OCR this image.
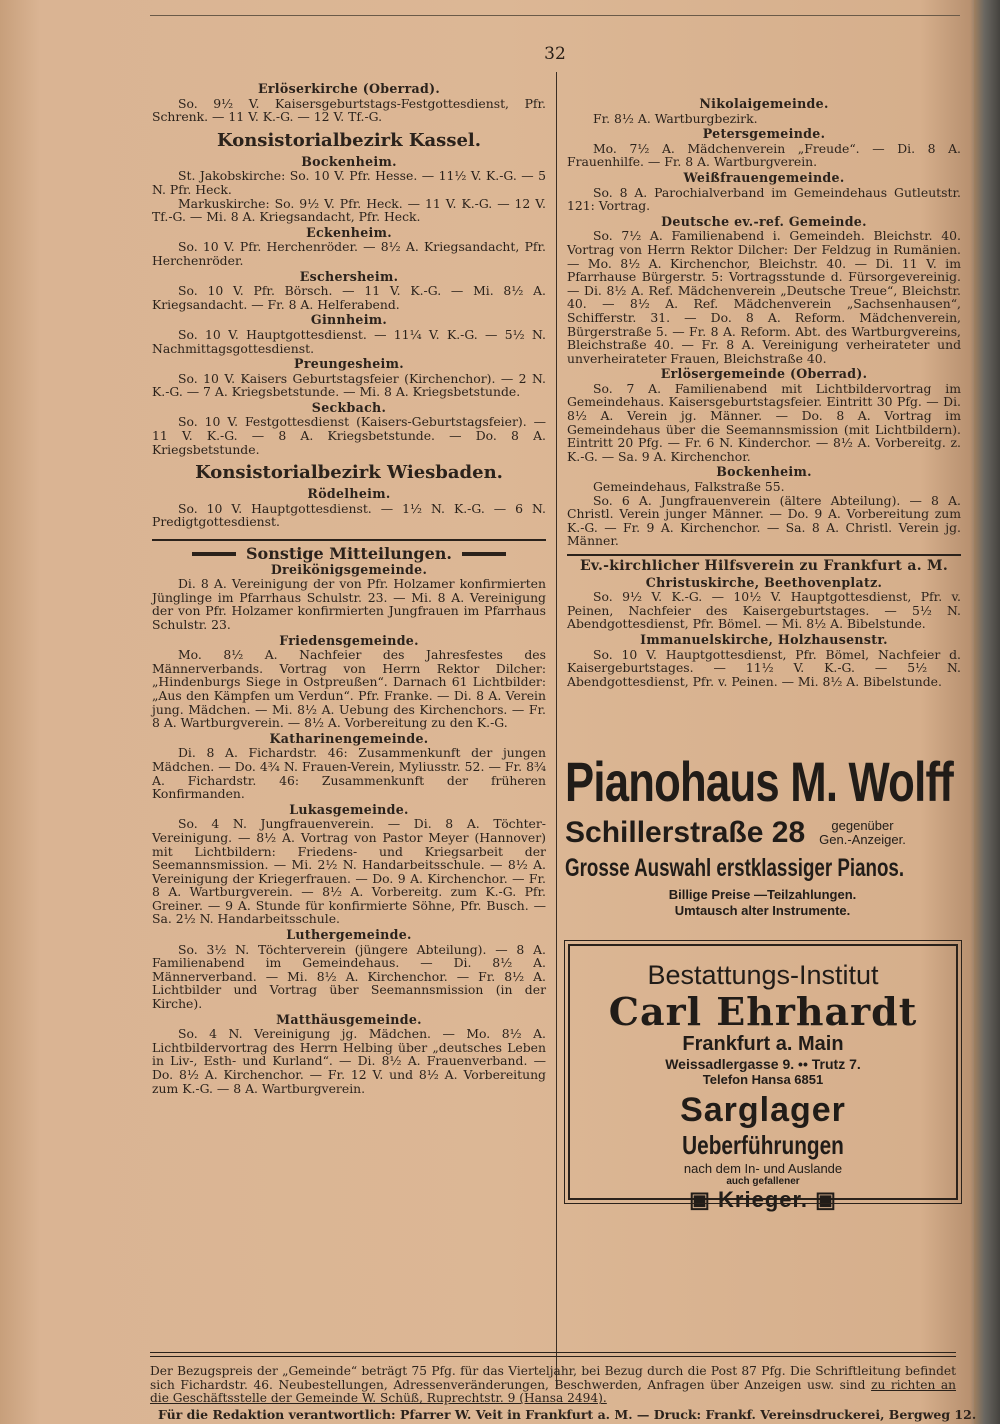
32
Erlöserkirche (Oberrad).
So. 9½ V. Kaisersgeburtstags-Festgottesdienst, Pfr. Schrenk. — 11 V. K.-G. — 12 V. Tf.-G.
Konsistorialbezirk Kassel.
Bockenheim.
St. Jakobskirche: So. 10 V. Pfr. Hesse. — 11½ V. K.-G. — 5 N. Pfr. Heck.
Markuskirche: So. 9½ V. Pfr. Heck. — 11 V. K.-G. — 12 V. Tf.-G. — Mi. 8 A. Kriegsandacht, Pfr. Heck.
Eckenheim.
So. 10 V. Pfr. Herchenröder. — 8½ A. Kriegsandacht, Pfr. Herchenröder.
Eschersheim.
So. 10 V. Pfr. Börsch. — 11 V. K.-G. — Mi. 8½ A. Kriegsandacht. — Fr. 8 A. Helferabend.
Ginnheim.
So. 10 V. Hauptgottesdienst. — 11¼ V. K.-G. — 5½ N. Nachmittagsgottesdienst.
Preungesheim.
So. 10 V. Kaisers Geburtstagsfeier (Kirchenchor). — 2 N. K.-G. — 7 A. Kriegsbetstunde. — Mi. 8 A. Kriegsbetstunde.
Seckbach.
So. 10 V. Festgottesdienst (Kaisers-Geburtstagsfeier). — 11 V. K.-G. — 8 A. Kriegsbetstunde. — Do. 8 A. Kriegsbetstunde.
Konsistorialbezirk Wiesbaden.
Rödelheim.
So. 10 V. Hauptgottesdienst. — 1½ N. K.-G. — 6 N. Predigtgottesdienst.
Sonstige Mitteilungen.
Dreikönigsgemeinde.
Di. 8 A. Vereinigung der von Pfr. Holzamer konfirmierten Jünglinge im Pfarrhaus Schulstr. 23. — Mi. 8 A. Vereinigung der von Pfr. Holzamer konfirmierten Jungfrauen im Pfarrhaus Schulstr. 23.
Friedensgemeinde.
Mo. 8½ A. Nachfeier des Jahresfestes des Männerverbands. Vortrag von Herrn Rektor Dilcher: „Hindenburgs Siege in Ostpreußen“. Darnach 61 Lichtbilder: „Aus den Kämpfen um Verdun“. Pfr. Franke. — Di. 8 A. Verein jung. Mädchen. — Mi. 8½ A. Uebung des Kirchenchors. — Fr. 8 A. Wartburgverein. — 8½ A. Vorbereitung zu den K.-G.
Katharinengemeinde.
Di. 8 A. Fichardstr. 46: Zusammenkunft der jungen Mädchen. — Do. 4¾ N. Frauen-Verein, Myliusstr. 52. — Fr. 8¾ A. Fichardstr. 46: Zusammenkunft der früheren Konfirmanden.
Lukasgemeinde.
So. 4 N. Jungfrauenverein. — Di. 8 A. Töchter-Vereinigung. — 8½ A. Vortrag von Pastor Meyer (Hannover) mit Lichtbildern: Friedens- und Kriegsarbeit der Seemannsmission. — Mi. 2½ N. Handarbeitsschule. — 8½ A. Vereinigung der Kriegerfrauen. — Do. 9 A. Kirchenchor. — Fr. 8 A. Wartburgverein. — 8½ A. Vorbereitg. zum K.-G. Pfr. Greiner. — 9 A. Stunde für konfirmierte Söhne, Pfr. Busch. — Sa. 2½ N. Handarbeitsschule.
Luthergemeinde.
So. 3½ N. Töchterverein (jüngere Abteilung). — 8 A. Familienabend im Gemeindehaus. — Di. 8½ A. Männerverband. — Mi. 8½ A. Kirchenchor. — Fr. 8½ A. Lichtbilder und Vortrag über Seemannsmission (in der Kirche).
Matthäusgemeinde.
So. 4 N. Vereinigung jg. Mädchen. — Mo. 8½ A. Lichtbildervortrag des Herrn Helbing über „deutsches Leben in Liv-, Esth- und Kurland“. — Di. 8½ A. Frauenverband. — Do. 8½ A. Kirchenchor. — Fr. 12 V. und 8½ A. Vorbereitung zum K.-G. — 8 A. Wartburgverein.
Nikolaigemeinde.
Fr. 8½ A. Wartburgbezirk.
Petersgemeinde.
Mo. 7½ A. Mädchenverein „Freude“. — Di. 8 A. Frauenhilfe. — Fr. 8 A. Wartburgverein.
Weißfrauengemeinde.
So. 8 A. Parochialverband im Gemeindehaus Gutleutstr. 121: Vortrag.
Deutsche ev.-ref. Gemeinde.
So. 7½ A. Familienabend i. Gemeindeh. Bleichstr. 40. Vortrag von Herrn Rektor Dilcher: Der Feldzug in Rumänien. — Mo. 8½ A. Kirchenchor, Bleichstr. 40. — Di. 11 V. im Pfarrhause Bürgerstr. 5: Vortragsstunde d. Fürsorgevereinig. — Di. 8½ A. Ref. Mädchenverein „Deutsche Treue“, Bleichstr. 40. — 8½ A. Ref. Mädchenverein „Sachsenhausen“, Schifferstr. 31. — Do. 8 A. Reform. Mädchenverein, Bürgerstraße 5. — Fr. 8 A. Reform. Abt. des Wartburgvereins, Bleichstraße 40. — Fr. 8 A. Vereinigung verheirateter und unverheirateter Frauen, Bleichstraße 40.
Erlösergemeinde (Oberrad).
So. 7 A. Familienabend mit Lichtbildervortrag im Gemeindehaus. Kaisersgeburtstagsfeier. Eintritt 30 Pfg. — Di. 8½ A. Verein jg. Männer. — Do. 8 A. Vortrag im Gemeindehaus über die Seemannsmission (mit Lichtbildern). Eintritt 20 Pfg. — Fr. 6 N. Kinderchor. — 8½ A. Vorbereitg. z. K.-G. — Sa. 9 A. Kirchenchor.
Bockenheim.
Gemeindehaus, Falkstraße 55.
So. 6 A. Jungfrauenverein (ältere Abteilung). — 8 A. Christl. Verein junger Männer. — Do. 9 A. Vorbereitung zum K.-G. — Fr. 9 A. Kirchenchor. — Sa. 8 A. Christl. Verein jg. Männer.
Ev.-kirchlicher Hilfsverein zu Frankfurt a. M.
Christuskirche, Beethovenplatz.
So. 9½ V. K.-G. — 10½ V. Hauptgottesdienst, Pfr. v. Peinen, Nachfeier des Kaisergeburtstages. — 5½ N. Abendgottesdienst, Pfr. Bömel. — Mi. 8½ A. Bibelstunde.
Immanuelskirche, Holzhausenstr.
So. 10 V. Hauptgottesdienst, Pfr. Bömel, Nachfeier d. Kaisergeburtstages. — 11½ V. K.-G. — 5½ N. Abendgottesdienst, Pfr. v. Peinen. — Mi. 8½ A. Bibelstunde.
Pianohaus M. Wolff
Schillerstraße 28	gegenüber
Gen.-Anzeiger.
Grosse Auswahl erstklassiger Pianos.
Billige Preise —Teilzahlungen.
Umtausch alter Instrumente.
Bestattungs-Institut
Carl Ehrhardt
Frankfurt a. Main
Weissadlergasse 9. •• Trutz 7.
Telefon Hansa 6851
Sarglager
Ueberführungen
nach dem In- und Auslande
auch gefallener
▣ Krieger. ▣
Der Bezugspreis der „Gemeinde“ beträgt 75 Pfg. für das Vierteljahr, bei Bezug durch die Post 87 Pfg. Die Schriftleitung befindet sich Fichardstr. 46. Neubestellungen, Adressenveränderungen, Beschwerden, Anfragen über Anzeigen usw. sind zu richten an die Geschäftsstelle der Gemeinde W. Schüß, Ruprechtstr. 9 (Hansa 2494).
Für die Redaktion verantwortlich: Pfarrer W. Veit in Frankfurt a. M. — Druck: Frankf. Vereinsdruckerei, Bergweg 12.
